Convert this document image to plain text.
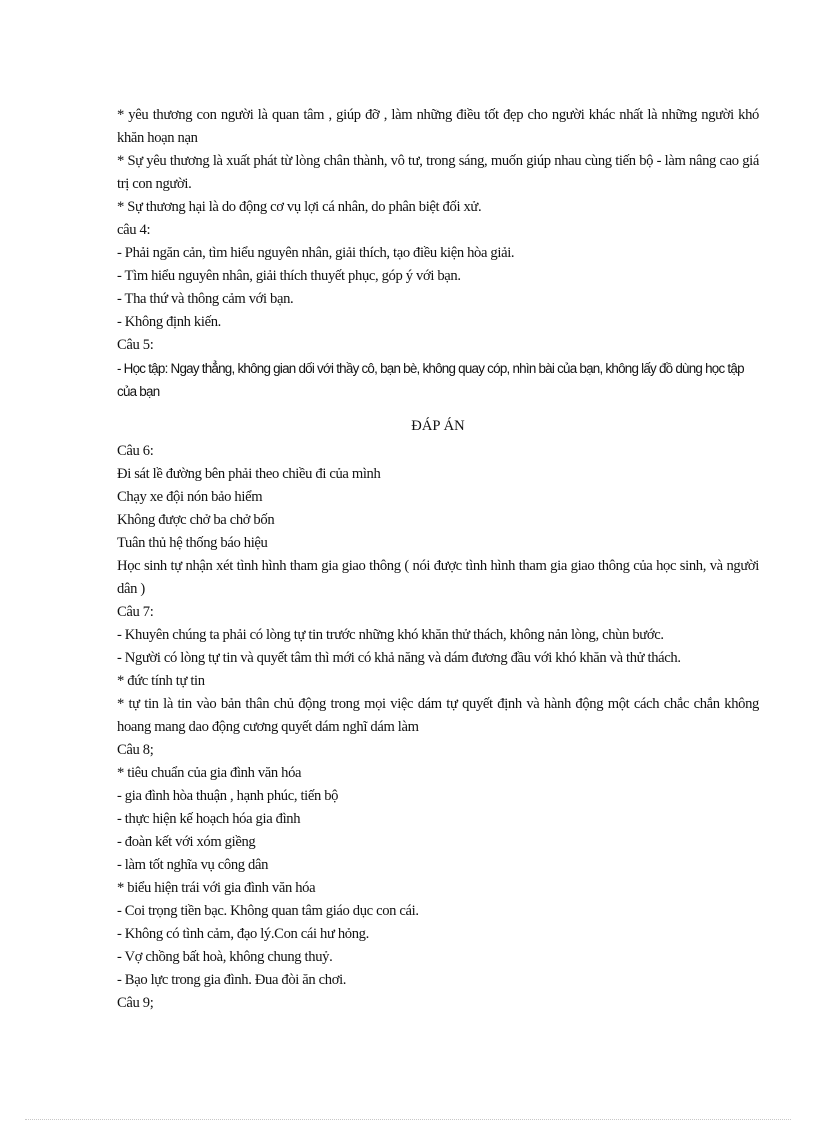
* yêu thương con người là quan tâm , giúp đỡ , làm những điều tốt đẹp cho người khác nhất là những người khó khăn hoạn nạn
* Sự yêu thương là xuất phát từ lòng chân thành, vô tư, trong sáng, muốn giúp nhau cùng tiến bộ - làm nâng cao giá trị con người.
* Sự thương hại là do động cơ vụ lợi cá nhân, do phân biệt đối xử.
câu 4:
- Phải ngăn cản, tìm hiểu nguyên nhân, giải thích, tạo điều kiện hòa giải.
- Tìm hiểu nguyên nhân, giải thích thuyết phục, góp ý với bạn.
- Tha thứ và thông cảm với bạn.
- Không định kiến.
Câu 5:
- Học tập: Ngay thẳng, không gian dối với thầy cô, bạn bè, không quay cóp, nhìn bài của bạn, không lấy đồ dùng học tập của bạn
ĐÁP ÁN
Câu 6:
Đi sát lề đường bên phải theo chiều đi của mình
Chạy xe đội nón bảo hiểm
Không được chở ba chở bốn
Tuân thủ hệ thống báo hiệu
Học sinh tự nhận xét tình hình tham gia giao thông ( nói được tình hình tham gia giao thông của học sinh, và người dân )
Câu 7:
- Khuyên chúng ta phải có lòng tự tin trước những khó khăn thử thách, không nản lòng, chùn bước.
- Người có lòng tự tin và quyết tâm thì mới có khả năng và dám đương đầu với khó khăn và thử thách.
* đức tính tự tin
* tự tin là tin vào bản thân chủ động trong mọi việc dám tự quyết định và hành động một cách chắc chắn không hoang mang dao động cương quyết dám nghĩ dám làm
Câu 8;
* tiêu chuẩn của gia đình văn hóa
- gia đình hòa thuận , hạnh phúc, tiến bộ
- thực hiện kế hoạch hóa gia đình
- đoàn kết với xóm giềng
- làm tốt nghĩa vụ công dân
* biểu hiện trái với gia đình văn hóa
- Coi trọng tiền bạc. Không quan tâm giáo dục con cái.
- Không có tình cảm, đạo lý.Con cái hư hỏng.
- Vợ chồng bất hoà, không chung thuỷ.
- Bạo lực trong gia đình. Đua đòi ăn chơi.
Câu 9;
